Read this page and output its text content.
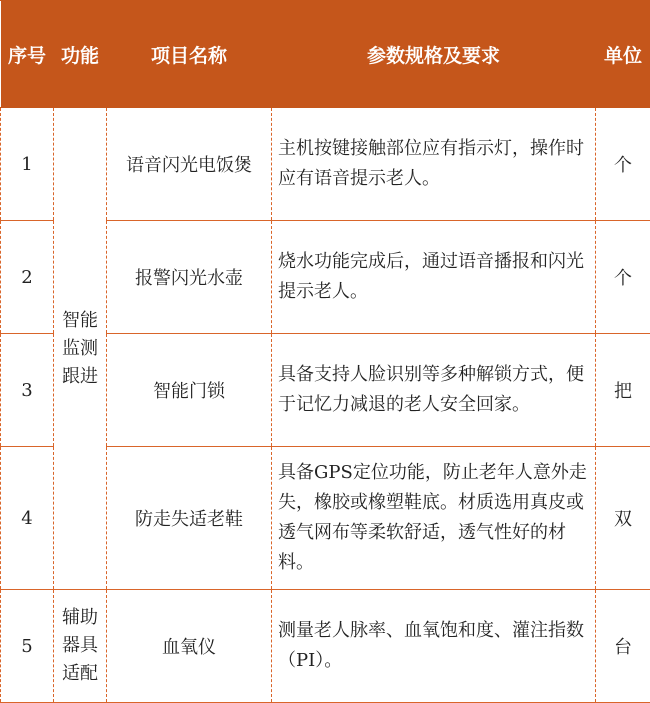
序号	功能	项目名称	参数规格及要求	单位
1	智能监测跟进	语音闪光电饭煲	主机按键接触部位应有指示灯，操作时应有语音提示老人。	个
2		报警闪光水壶	烧水功能完成后，通过语音播报和闪光提示老人。	个
3		智能门锁	具备支持人脸识别等多种解锁方式，便于记忆力减退的老人安全回家。	把
4		防走失适老鞋	具备GPS定位功能，防止老年人意外走失，橡胶或橡塑鞋底。材质选用真皮或透气网布等柔软舒适，透气性好的材料。	双
5	辅助器具适配	血氧仪	测量老人脉率、血氧饱和度、灌注指数（PI）。	台
